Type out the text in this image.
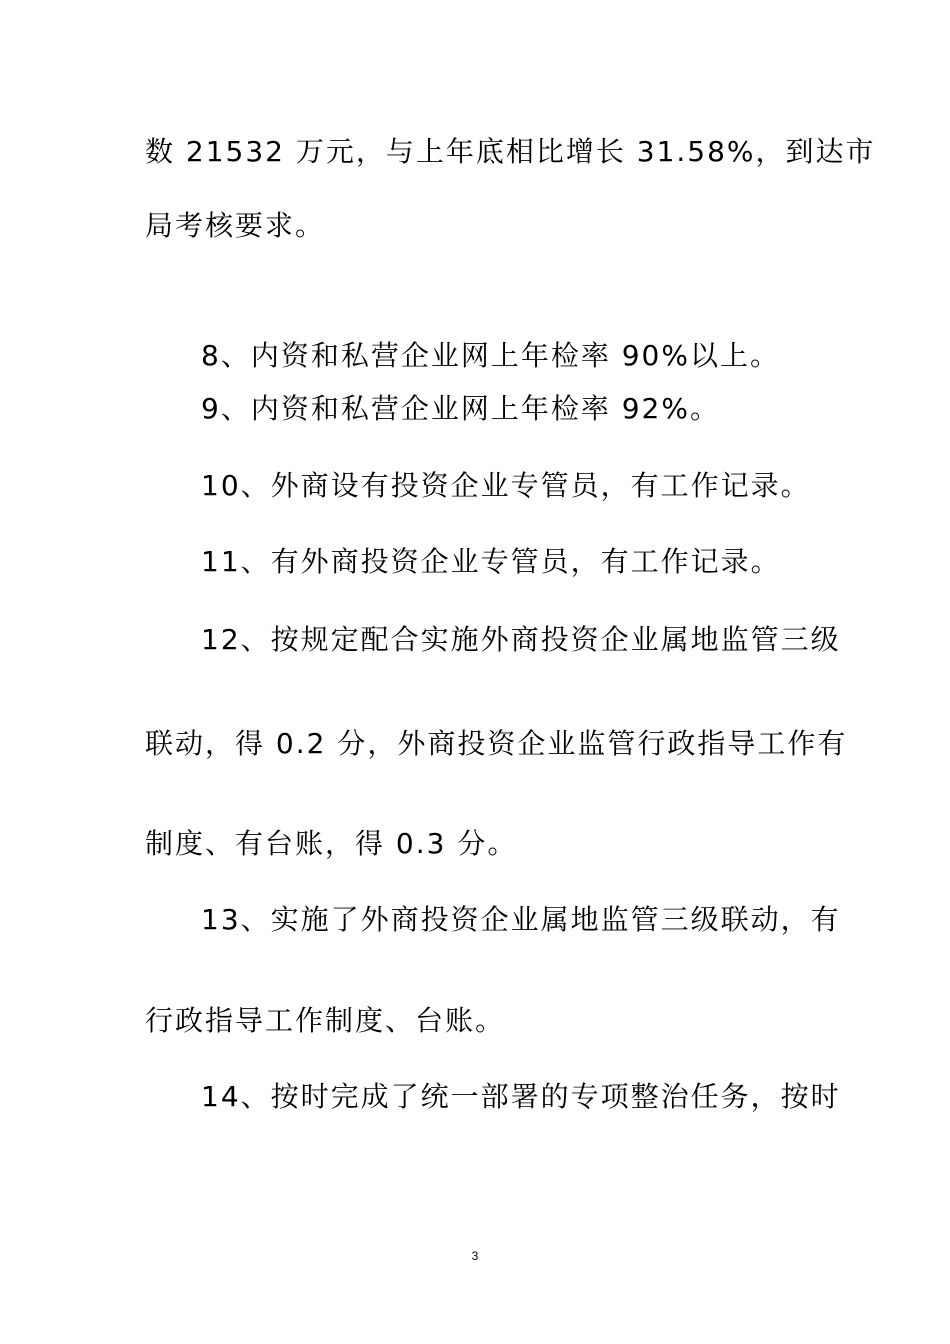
数 21532 万元，与上年底相比增长 31.58%，到达市
局考核要求。
8、内资和私营企业网上年检率 90%以上。
9、内资和私营企业网上年检率 92%。
10、外商设有投资企业专管员，有工作记录。
11、有外商投资企业专管员，有工作记录。
12、按规定配合实施外商投资企业属地监管三级
联动，得 0.2 分，外商投资企业监管行政指导工作有
制度、有台账，得 0.3 分。
13、实施了外商投资企业属地监管三级联动，有
行政指导工作制度、台账。
14、按时完成了统一部署的专项整治任务，按时
3
